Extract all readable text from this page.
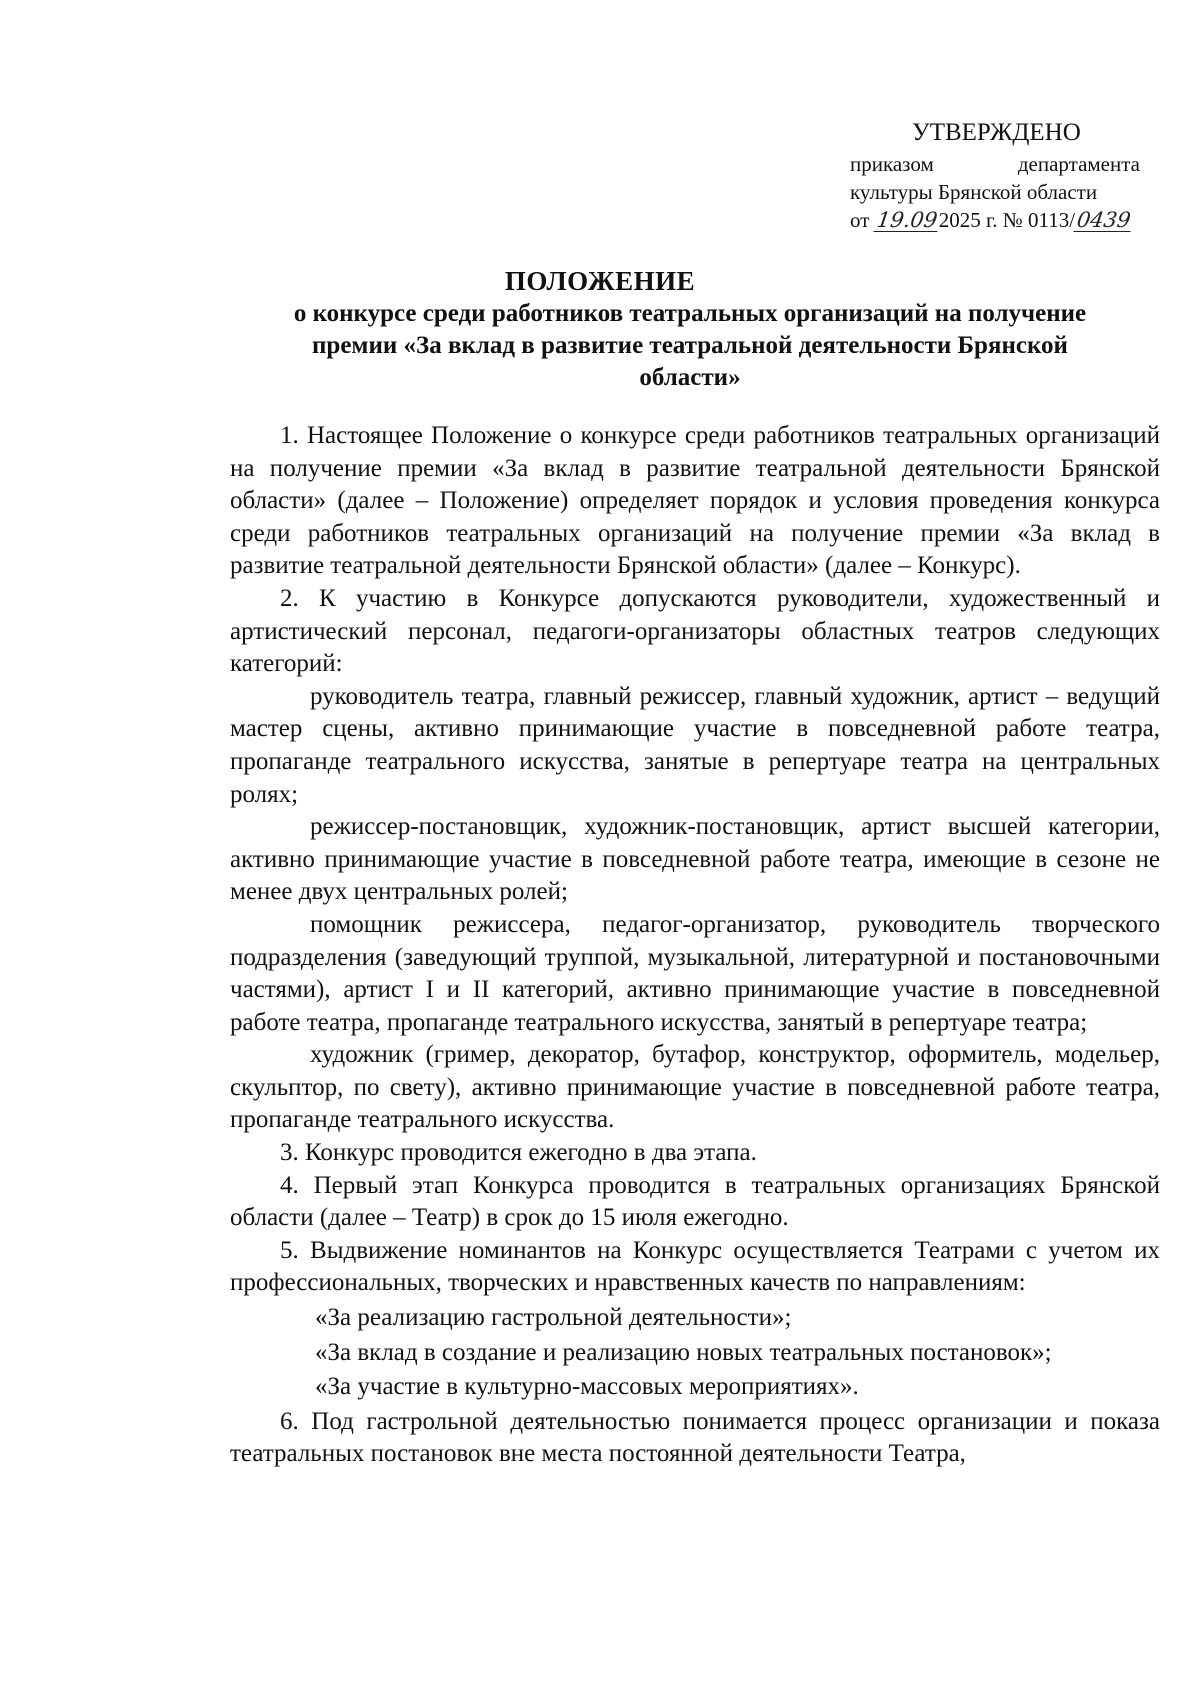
УТВЕРЖДЕНО
приказом	департамента
культуры Брянской области
от 19.092025 г. № 0113/0439
ПОЛОЖЕНИЕ
о конкурсе среди работников театральных организаций на получение
премии «За вклад в развитие театральной деятельности Брянской
области»

1. Настоящее Положение о конкурсе среди работников театральных организаций на получение премии «За вклад в развитие театральной деятельности Брянской области» (далее – Положение) определяет порядок и условия проведения конкурса среди работников театральных организаций на получение премии «За вклад в развитие театральной деятельности Брянской области» (далее – Конкурс).

2. К участию в Конкурсе допускаются руководители, художественный и артистический персонал, педагоги-организаторы областных театров следующих категорий:

руководитель театра, главный режиссер, главный художник, артист – ведущий мастер сцены, активно принимающие участие в повседневной работе театра, пропаганде театрального искусства, занятые в репертуаре театра на центральных ролях;

режиссер-постановщик, художник-постановщик, артист высшей категории, активно принимающие участие в повседневной работе театра, имеющие в сезоне не менее двух центральных ролей;

помощник режиссера, педагог-организатор, руководитель творческого подразделения (заведующий труппой, музыкальной, литературной и постановочными частями), артист I и II категорий, активно принимающие участие в повседневной работе театра, пропаганде театрального искусства, занятый в репертуаре театра;

художник (гример, декоратор, бутафор, конструктор, оформитель, модельер, скульптор, по свету), активно принимающие участие в повседневной работе театра, пропаганде театрального искусства.

3. Конкурс проводится ежегодно в два этапа.

4. Первый этап Конкурса проводится в театральных организациях Брянской области (далее – Театр) в срок до 15 июля ежегодно.

5. Выдвижение номинантов на Конкурс осуществляется Театрами с учетом их профессиональных, творческих и нравственных качеств по направлениям:

«За реализацию гастрольной деятельности»;

«За вклад в создание и реализацию новых театральных постановок»;

«За участие в культурно-массовых мероприятиях».

6. Под гастрольной деятельностью понимается процесс организации и показа театральных постановок вне места постоянной деятельности Театра,
